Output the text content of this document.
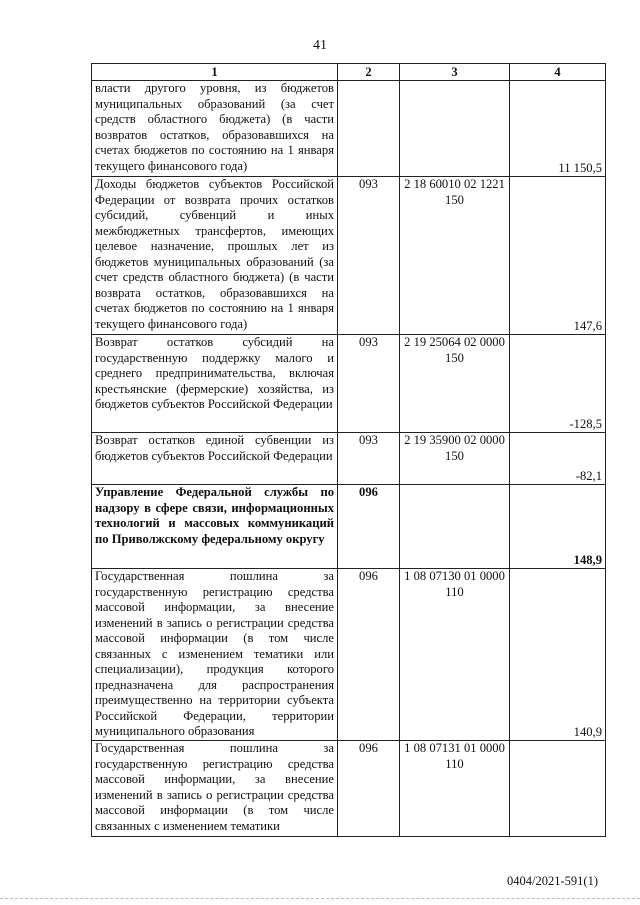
41
1	2	3	4
власти другого уровня, из бюджетов муниципальных образований (за счет средств областного бюджета) (в части возвратов остатков, образовавшихся на счетах бюджетов по состоянию на 1 января текущего финансового года)			11 150,5
Доходы бюджетов субъектов Российской Федерации от возврата прочих остатков субсидий, субвенций и иных межбюджетных трансфертов, имеющих целевое назначение, прошлых лет из бюджетов муниципальных образований (за счет средств областного бюджета) (в части возврата остатков, образовавшихся на счетах бюджетов по состоянию на 1 января текущего финансового года)	093	2 18 60010 02 1221 150	147,6
Возврат остатков субсидий на государственную поддержку малого и среднего предпринимательства, включая крестьянские (фермерские) хозяйства, из бюджетов субъектов Российской Федерации	093	2 19 25064 02 0000 150	-128,5
Возврат остатков единой субвенции из бюджетов субъектов Российской Федерации	093	2 19 35900 02 0000 150	-82,1
Управление Федеральной службы по надзору в сфере связи, информационных технологий и массовых коммуникаций по Приволжскому федеральному округу	096		148,9
Государственная пошлина за государственную регистрацию средства массовой информации, за внесение изменений в запись о регистрации средства массовой информации (в том числе связанных с изменением тематики или специализации), продукция которого предназначена для распространения преимущественно на территории субъекта Российской Федерации, территории муниципального образования	096	1 08 07130 01 0000 110	140,9
Государственная пошлина за государственную регистрацию средства массовой информации, за внесение изменений в запись о регистрации средства массовой информации (в том числе связанных с изменением тематики	096	1 08 07131 01 0000 110	
0404/2021-591(1)
